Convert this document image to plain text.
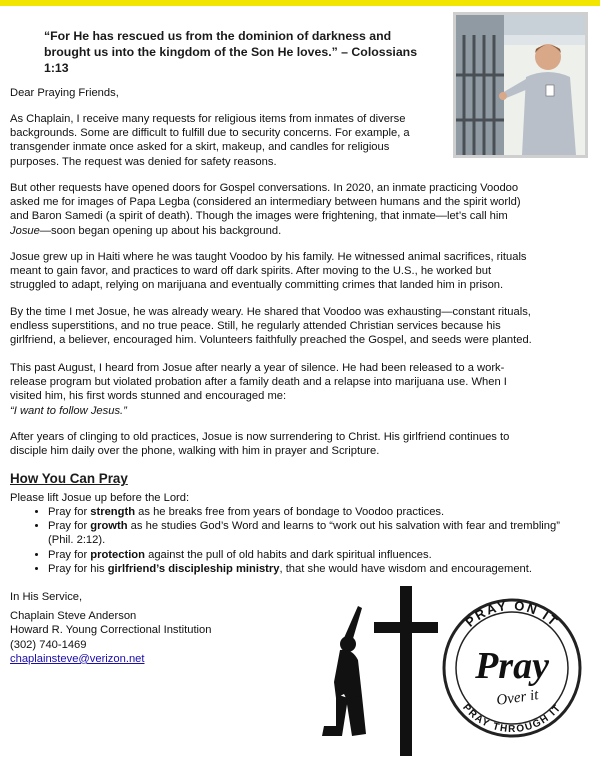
“For He has rescued us from the dominion of darkness and
brought us into the kingdom of the Son He loves.” – Colossians 1:13
Dear Praying Friends,
As Chaplain, I receive many requests for religious items from inmates of diverse
backgrounds. Some are difficult to fulfill due to security concerns. For example, a
transgender inmate once asked for a skirt, makeup, and candles for religious
purposes. The request was denied for safety reasons.
But other requests have opened doors for Gospel conversations. In 2020, an inmate practicing Voodoo
asked me for images of Papa Legba (considered an intermediary between humans and the spirit world)
and Baron Samedi (a spirit of death). Though the images were frightening, that inmate—let’s call him
Josue—soon began opening up about his background.
Josue grew up in Haiti where he was taught Voodoo by his family. He witnessed animal sacrifices, rituals
meant to gain favor, and practices to ward off dark spirits. After moving to the U.S., he worked but
struggled to adapt, relying on marijuana and eventually committing crimes that landed him in prison.
By the time I met Josue, he was already weary. He shared that Voodoo was exhausting—constant rituals,
endless superstitions, and no true peace. Still, he regularly attended Christian services because his
girlfriend, a believer, encouraged him. Volunteers faithfully preached the Gospel, and seeds were planted.
This past August, I heard from Josue after nearly a year of silence. He had been released to a work-
release program but violated probation after a family death and a relapse into marijuana use. When I
visited him, his first words stunned and encouraged me:
“I want to follow Jesus.”
After years of clinging to old practices, Josue is now surrendering to Christ. His girlfriend continues to
disciple him daily over the phone, walking with him in prayer and Scripture.
How You Can Pray
Please lift Josue up before the Lord:
• Pray for strength as he breaks free from years of bondage to Voodoo practices.
• Pray for growth as he studies God’s Word and learns to “work out his salvation with fear and trembling” (Phil. 2:12).
• Pray for protection against the pull of old habits and dark spiritual influences.
• Pray for his girlfriend’s discipleship ministry, that she would have wisdom and encouragement.
In His Service,
Chaplain Steve Anderson
Howard R. Young Correctional Institution
(302) 740-1469
chaplainsteve@verizon.net
PRAY ON IT
Pray
Over it
PRAY THROUGH IT
